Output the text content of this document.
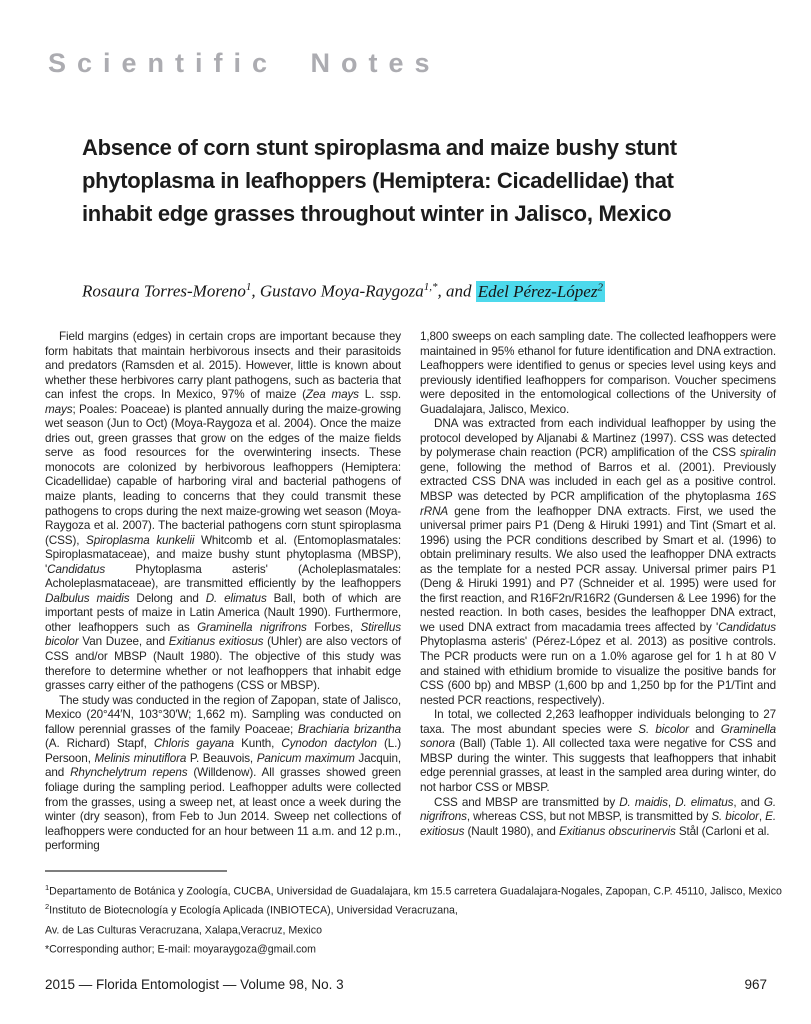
Scientific Notes
Absence of corn stunt spiroplasma and maize bushy stunt phytoplasma in leafhoppers (Hemiptera: Cicadellidae) that inhabit edge grasses throughout winter in Jalisco, Mexico

Rosaura Torres-Moreno$^1$, Gustavo Moya-Raygoza$^{1,*}$, and Edel Pérez-López$^2$

Field margins (edges) in certain crops are important because they form habitats that maintain herbivorous insects and their parasitoids and predators (Ramsden et al. 2015). However, little is known about whether these herbivores carry plant pathogens, such as bacteria that can infest the crops. In Mexico, 97% of maize (Zea mays L. ssp. mays; Poales: Poaceae) is planted annually during the maize-growing wet season (Jun to Oct) (Moya-Raygoza et al. 2004). Once the maize dries out, green grasses that grow on the edges of the maize fields serve as food resources for the overwintering insects. These monocots are colonized by herbivorous leafhoppers (Hemiptera: Cicadellidae) capable of harboring viral and bacterial pathogens of maize plants, leading to concerns that they could transmit these pathogens to crops during the next maize-growing wet season (Moya-Raygoza et al. 2007). The bacterial pathogens corn stunt spiroplasma (CSS), Spiroplasma kunkelii Whitcomb et al. (Entomoplasmatales: Spiroplasmataceae), and maize bushy stunt phytoplasma (MBSP), 'Candidatus Phytoplasma asteris' (Acholeplasmatales: Acholeplasmataceae), are transmitted efficiently by the leafhoppers Dalbulus maidis Delong and D. elimatus Ball, both of which are important pests of maize in Latin America (Nault 1990). Furthermore, other leafhoppers such as Graminella nigrifrons Forbes, Stirellus bicolor Van Duzee, and Exitianus exitiosus (Uhler) are also vectors of CSS and/or MBSP (Nault 1980). The objective of this study was therefore to determine whether or not leafhoppers that inhabit edge grasses carry either of the pathogens (CSS or MBSP).

The study was conducted in the region of Zapopan, state of Jalisco, Mexico (20°44′N, 103°30′W; 1,662 m). Sampling was conducted on fallow perennial grasses of the family Poaceae; Brachiaria brizantha (A. Richard) Stapf, Chloris gayana Kunth, Cynodon dactylon (L.) Persoon, Melinis minutiflora P. Beauvois, Panicum maximum Jacquin, and Rhynchelytrum repens (Willdenow). All grasses showed green foliage during the sampling period. Leafhopper adults were collected from the grasses, using a sweep net, at least once a week during the winter (dry season), from Feb to Jun 2014. Sweep net collections of leafhoppers were conducted for an hour between 11 a.m. and 12 p.m., performing

1,800 sweeps on each sampling date. The collected leafhoppers were maintained in 95% ethanol for future identification and DNA extraction. Leafhoppers were identified to genus or species level using keys and previously identified leafhoppers for comparison. Voucher specimens were deposited in the entomological collections of the University of Guadalajara, Jalisco, Mexico.

DNA was extracted from each individual leafhopper by using the protocol developed by Aljanabi & Martinez (1997). CSS was detected by polymerase chain reaction (PCR) amplification of the CSS spiralin gene, following the method of Barros et al. (2001). Previously extracted CSS DNA was included in each gel as a positive control. MBSP was detected by PCR amplification of the phytoplasma 16S rRNA gene from the leafhopper DNA extracts. First, we used the universal primer pairs P1 (Deng & Hiruki 1991) and Tint (Smart et al. 1996) using the PCR conditions described by Smart et al. (1996) to obtain preliminary results. We also used the leafhopper DNA extracts as the template for a nested PCR assay. Universal primer pairs P1 (Deng & Hiruki 1991) and P7 (Schneider et al. 1995) were used for the first reaction, and R16F2n/R16R2 (Gundersen & Lee 1996) for the nested reaction. In both cases, besides the leafhopper DNA extract, we used DNA extract from macadamia trees affected by 'Candidatus Phytoplasma asteris' (Pérez-López et al. 2013) as positive controls. The PCR products were run on a 1.0% agarose gel for 1 h at 80 V and stained with ethidium bromide to visualize the positive bands for CSS (600 bp) and MBSP (1,600 bp and 1,250 bp for the P1/Tint and nested PCR reactions, respectively).

In total, we collected 2,263 leafhopper individuals belonging to 27 taxa. The most abundant species were S. bicolor and Graminella sonora (Ball) (Table 1). All collected taxa were negative for CSS and MBSP during the winter. This suggests that leafhoppers that inhabit edge perennial grasses, at least in the sampled area during winter, do not harbor CSS or MBSP.

CSS and MBSP are transmitted by D. maidis, D. elimatus, and G. nigrifrons, whereas CSS, but not MBSP, is transmitted by S. bicolor, E. exitiosus (Nault 1980), and Exitianus obscurinervis Stål (Carloni et al.

$^1$Departamento de Botánica y Zoología, CUCBA, Universidad de Guadalajara, km 15.5 carretera Guadalajara-Nogales, Zapopan, C.P. 45110, Jalisco, Mexico
$^2$Instituto de Biotecnología y Ecología Aplicada (INBIOTECA), Universidad Veracruzana,
Av. de Las Culturas Veracruzana, Xalapa,Veracruz, Mexico
*Corresponding author; E-mail: moyaraygoza@gmail.com
2015 — Florida Entomologist — Volume 98, No. 3	967
